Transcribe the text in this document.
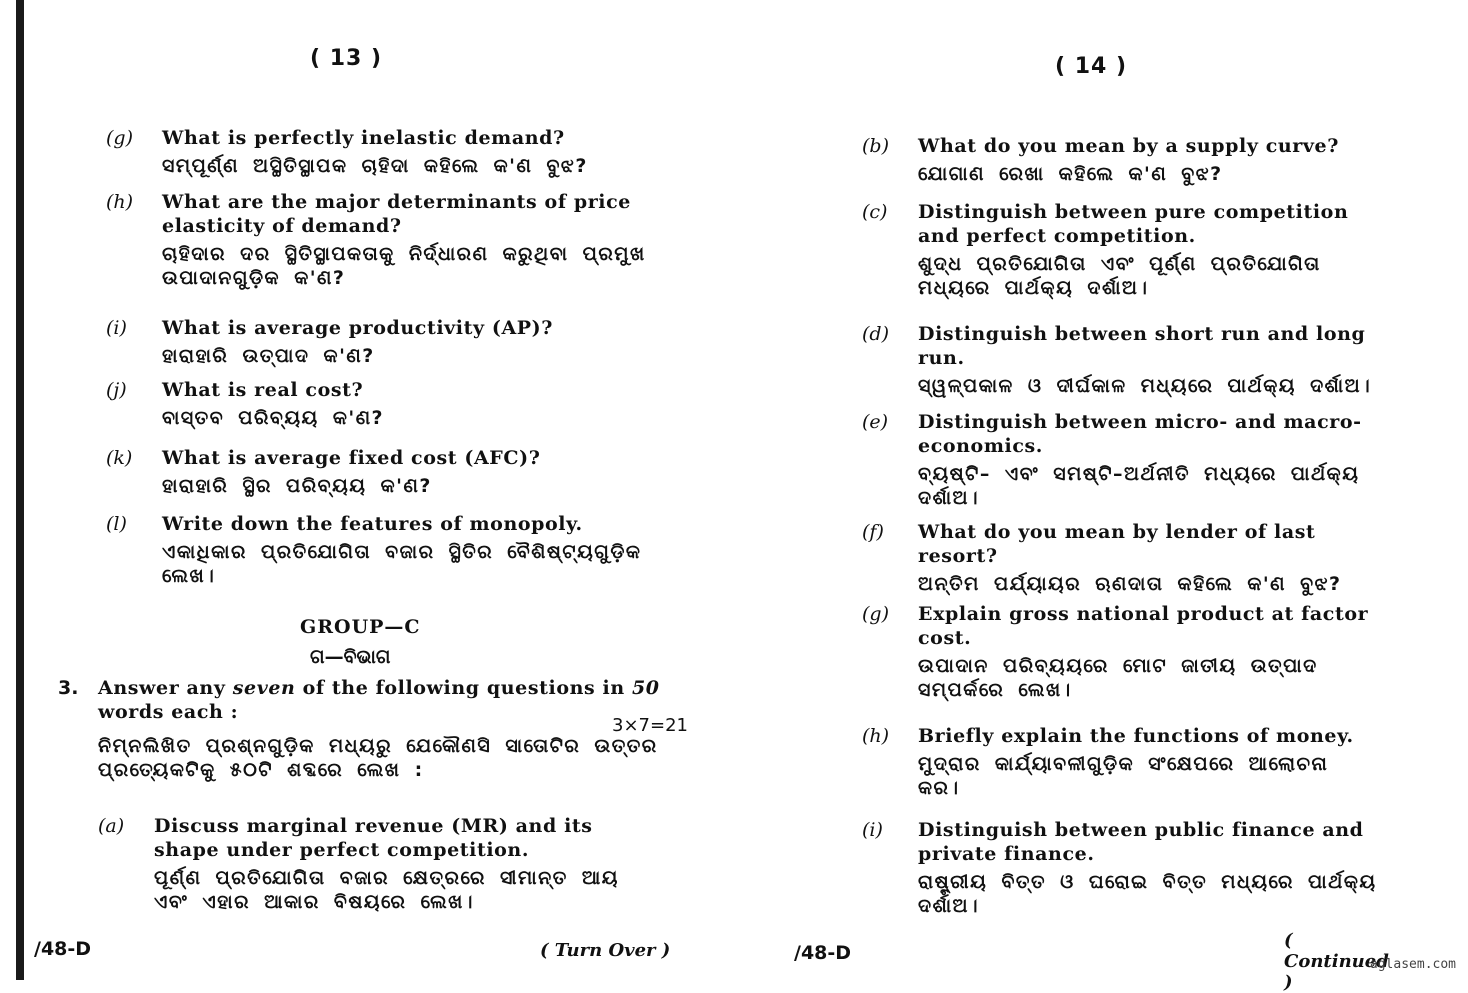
( 13 )
(g) What is perfectly inelastic demand?
ସମ୍ପୂର୍ଣ୍ଣ ଅସ୍ଥିତିସ୍ଥାପକ ଚାହିଦା କହିଲେ କ'ଣ ବୁଝ?
(h) What are the major determinants of price elasticity of demand?
ଚାହିଦାର ଦର ସ୍ଥିତିସ୍ଥାପକତାକୁ ନିର୍ଦ୍ଧାରଣ କରୁଥିବା ପ୍ରମୁଖ ଉପାଦାନଗୁଡ଼ିକ କ'ଣ?
(i) What is average productivity (AP)?
ହାରାହାରି ଉତ୍ପାଦ କ'ଣ?
(j) What is real cost?
ବାସ୍ତବ ପରିବ୍ୟୟ କ'ଣ?
(k) What is average fixed cost (AFC)?
ହାରାହାରି ସ୍ଥିର ପରିବ୍ୟୟ କ'ଣ?
(l) Write down the features of monopoly.
ଏକାଧିକାର ପ୍ରତିଯୋଗିତା ବଜାର ସ୍ଥିତିର ବୈଶିଷ୍ଟ୍ୟଗୁଡ଼ିକ ଲେଖ।
GROUP—C
ଗ—ବିଭାଗ
3. Answer any seven of the following questions in 50 words each :
ନିମ୍ନଲିଖିତ ପ୍ରଶ୍ନଗୁଡ଼ିକ ମଧ୍ୟରୁ ଯେକୌଣସି ସାତୋଟିର ଉତ୍ତର ପ୍ରତ୍ୟେକଟିକୁ ୫୦ଟି ଶବ୍ଦରେ ଲେଖ :
3×7=21
(a) Discuss marginal revenue (MR) and its shape under perfect competition.
ପୂର୍ଣ୍ଣ ପ୍ରତିଯୋଗିତା ବଜାର କ୍ଷେତ୍ରରେ ସୀମାନ୍ତ ଆୟ ଏବଂ ଏହାର ଆକାର ବିଷୟରେ ଲେଖ।
/48-D	( Turn Over )
( 14 )
(b) What do you mean by a supply curve?
ଯୋଗାଣ ରେଖା କହିଲେ କ'ଣ ବୁଝ?
(c) Distinguish between pure competition and perfect competition.
ଶୁଦ୍ଧ ପ୍ରତିଯୋଗିତା ଏବଂ ପୂର୍ଣ୍ଣ ପ୍ରତିଯୋଗିତା ମଧ୍ୟରେ ପାର୍ଥକ୍ୟ ଦର୍ଶାଅ।
(d) Distinguish between short run and long run.
ସ୍ୱଳ୍ପକାଳ ଓ ଦୀର୍ଘକାଳ ମଧ୍ୟରେ ପାର୍ଥକ୍ୟ ଦର୍ଶାଅ।
(e) Distinguish between micro- and macro-economics.
ବ୍ୟଷ୍ଟି– ଏବଂ ସମଷ୍ଟି–ଅର୍ଥନୀତି ମଧ୍ୟରେ ପାର୍ଥକ୍ୟ ଦର୍ଶାଅ।
(f) What do you mean by lender of last resort?
ଅନ୍ତିମ ପର୍ଯ୍ୟାୟର ଋଣଦାତା କହିଲେ କ'ଣ ବୁଝ?
(g) Explain gross national product at factor cost.
ଉପାଦାନ ପରିବ୍ୟୟରେ ମୋଟ ଜାତୀୟ ଉତ୍ପାଦ ସମ୍ପର୍କରେ ଲେଖ।
(h) Briefly explain the functions of money.
ମୁଦ୍ରାର କାର୍ଯ୍ୟାବଳୀଗୁଡ଼ିକ ସଂକ୍ଷେପରେ ଆଲୋଚନା କର।
(i) Distinguish between public finance and private finance.
ରାଷ୍ଟ୍ରୀୟ ବିତ୍ତ ଓ ଘରୋଇ ବିତ୍ତ ମଧ୍ୟରେ ପାର୍ଥକ୍ୟ ଦର୍ଶାଅ।
/48-D
( Continued )
aglasem.com
